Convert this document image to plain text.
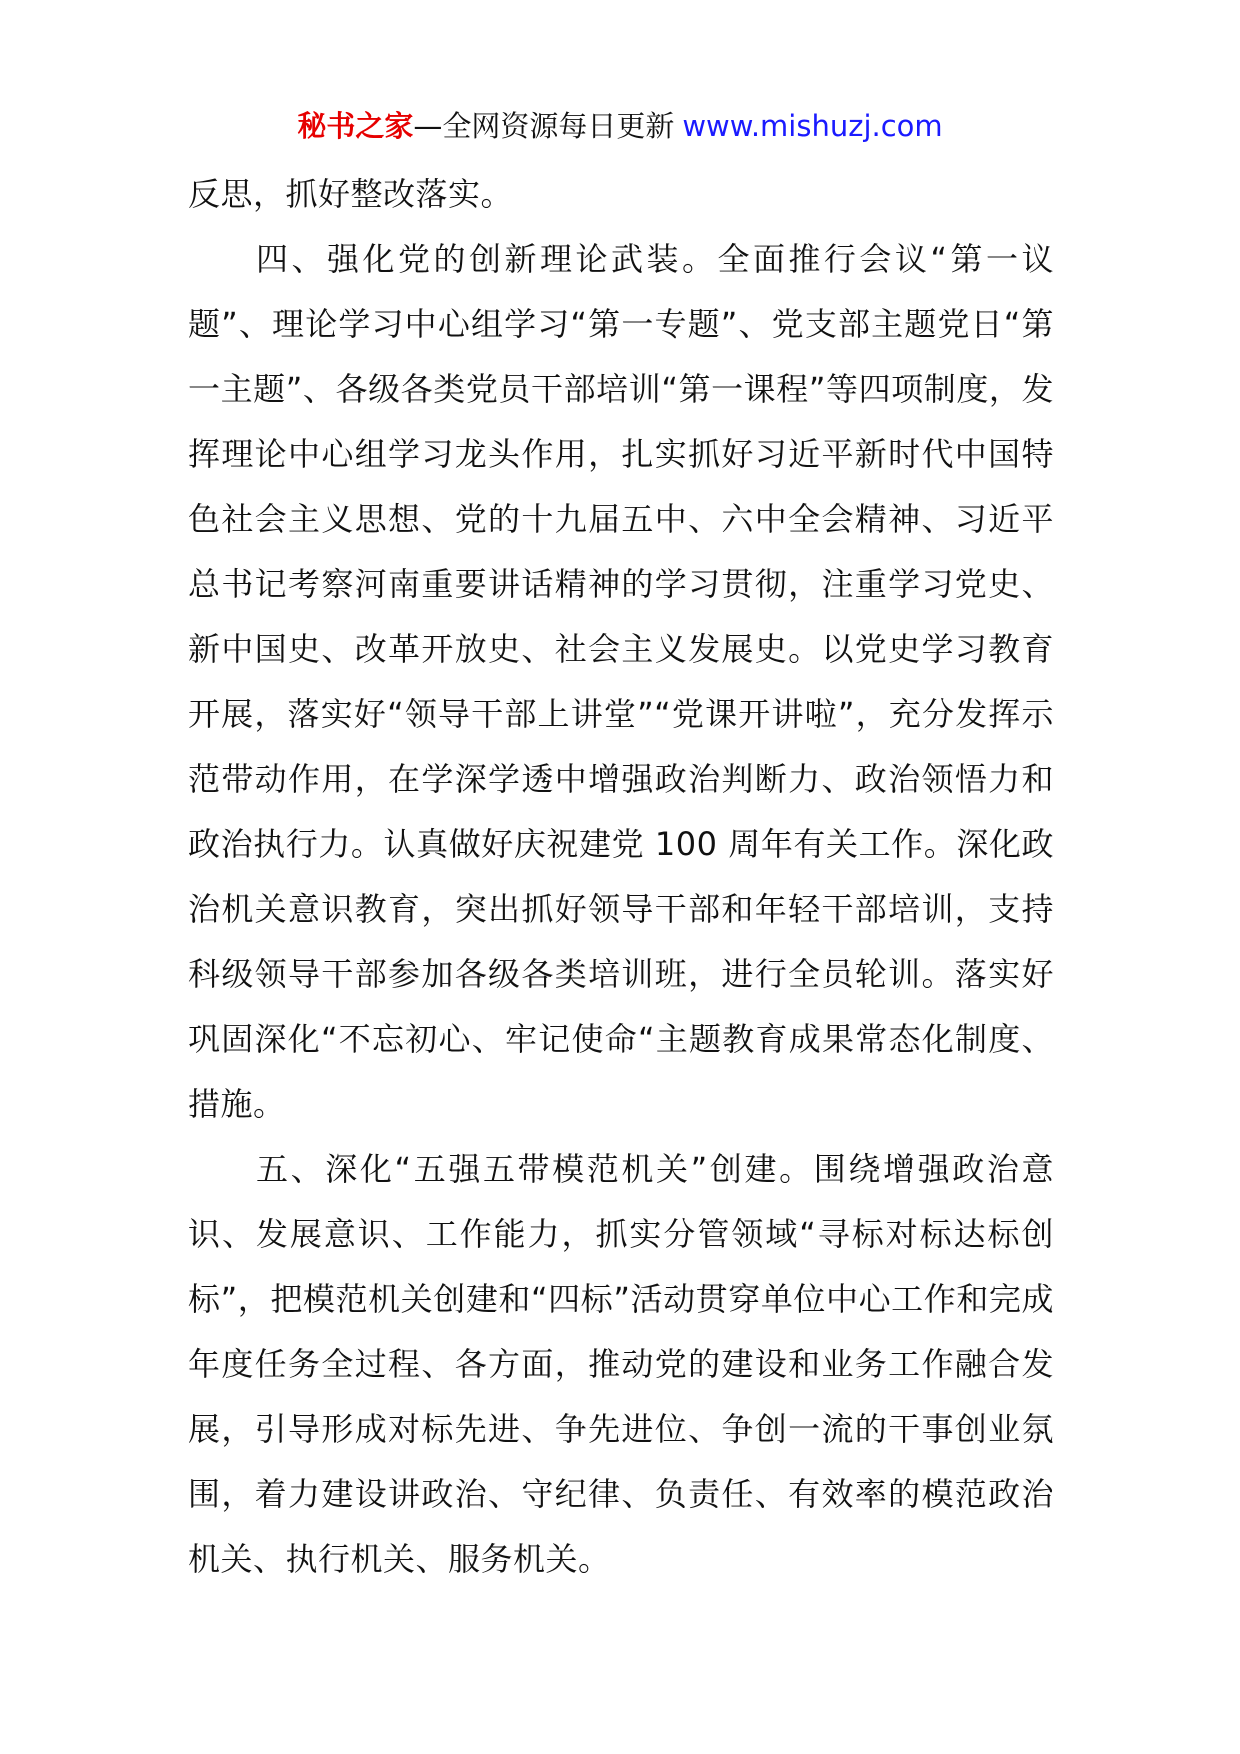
秘书之家—全网资源每日更新 www.mishuzj.com

反思，抓好整改落实。

四、强化党的创新理论武装。全面推行会议“第一议题”、理论学习中心组学习“第一专题”、党支部主题党日“第一主题”、各级各类党员干部培训“第一课程”等四项制度，发挥理论中心组学习龙头作用，扎实抓好习近平新时代中国特色社会主义思想、党的十九届五中、六中全会精神、习近平总书记考察河南重要讲话精神的学习贯彻，注重学习党史、新中国史、改革开放史、社会主义发展史。以党史学习教育开展，落实好“领导干部上讲堂”“党课开讲啦”，充分发挥示范带动作用，在学深学透中增强政治判断力、政治领悟力和政治执行力。认真做好庆祝建党 100 周年有关工作。深化政治机关意识教育，突出抓好领导干部和年轻干部培训，支持科级领导干部参加各级各类培训班，进行全员轮训。落实好巩固深化“不忘初心、牢记使命“主题教育成果常态化制度、措施。

五、深化“五强五带模范机关”创建。围绕增强政治意识、发展意识、工作能力，抓实分管领域“寻标对标达标创标”，把模范机关创建和“四标”活动贯穿单位中心工作和完成年度任务全过程、各方面，推动党的建设和业务工作融合发展，引导形成对标先进、争先进位、争创一流的干事创业氛围，着力建设讲政治、守纪律、负责任、有效率的模范政治机关、执行机关、服务机关。
